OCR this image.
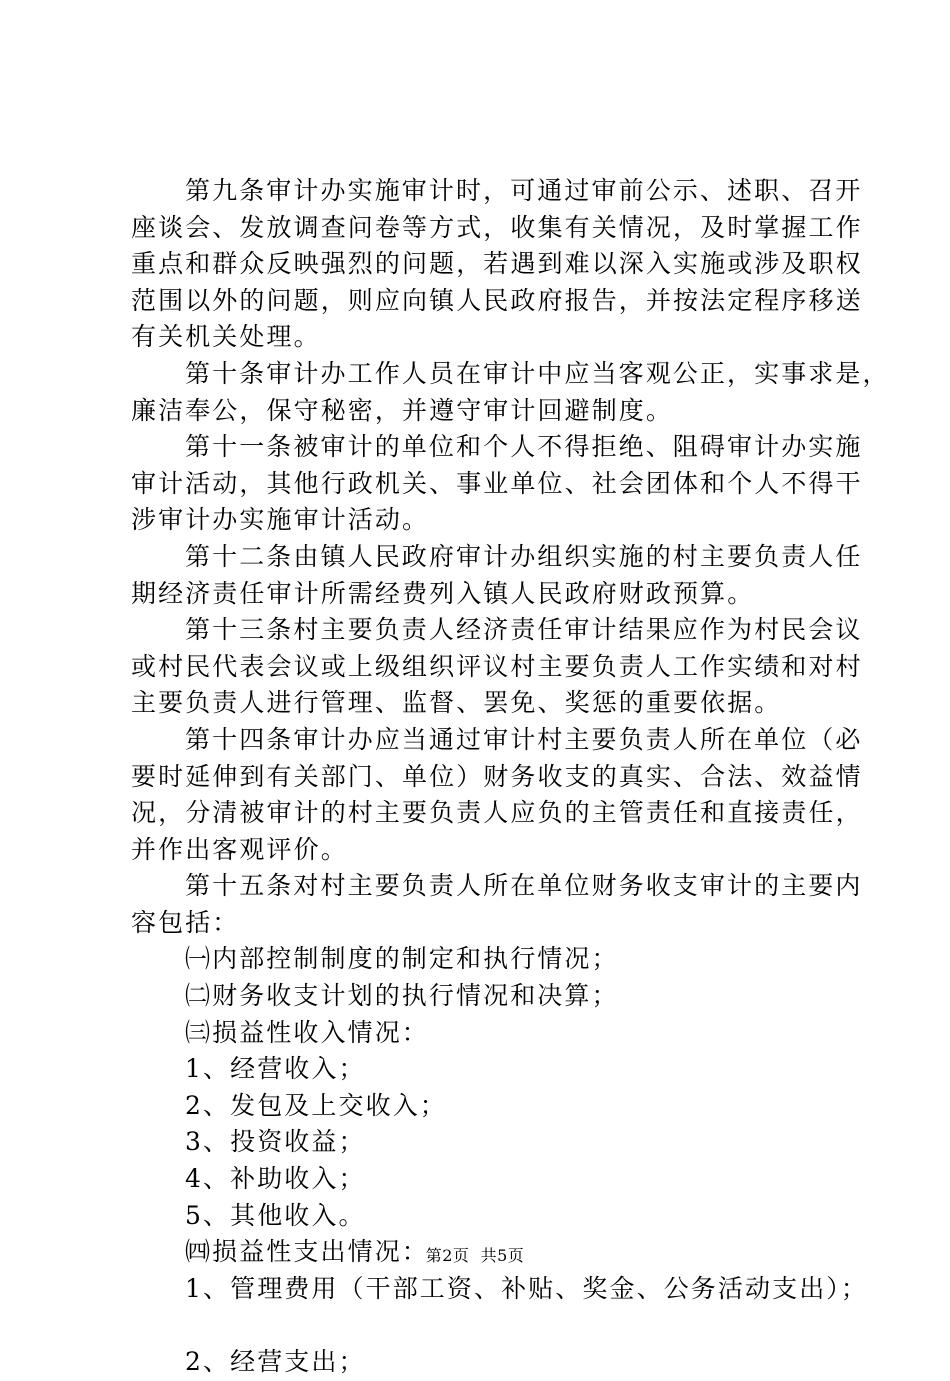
第九条审计办实施审计时，可通过审前公示、述职、召开
座谈会、发放调查问卷等方式，收集有关情况，及时掌握工作
重点和群众反映强烈的问题，若遇到难以深入实施或涉及职权
范围以外的问题，则应向镇人民政府报告，并按法定程序移送
有关机关处理。
第十条审计办工作人员在审计中应当客观公正，实事求是，
廉洁奉公，保守秘密，并遵守审计回避制度。
第十一条被审计的单位和个人不得拒绝、阻碍审计办实施
审计活动，其他行政机关、事业单位、社会团体和个人不得干
涉审计办实施审计活动。
第十二条由镇人民政府审计办组织实施的村主要负责人任
期经济责任审计所需经费列入镇人民政府财政预算。
第十三条村主要负责人经济责任审计结果应作为村民会议
或村民代表会议或上级组织评议村主要负责人工作实绩和对村
主要负责人进行管理、监督、罢免、奖惩的重要依据。
第十四条审计办应当通过审计村主要负责人所在单位（必
要时延伸到有关部门、单位）财务收支的真实、合法、效益情
况，分清被审计的村主要负责人应负的主管责任和直接责任，
并作出客观评价。
第十五条对村主要负责人所在单位财务收支审计的主要内
容包括：
㈠内部控制制度的制定和执行情况；
㈡财务收支计划的执行情况和决算；
㈢损益性收入情况：
1、经营收入；
2、发包及上交收入；
3、投资收益；
4、补助收入；
5、其他收入。
㈣损益性支出情况：
1、管理费用（干部工资、补贴、奖金、公务活动支出）；
2、经营支出；
第2页  共5页
